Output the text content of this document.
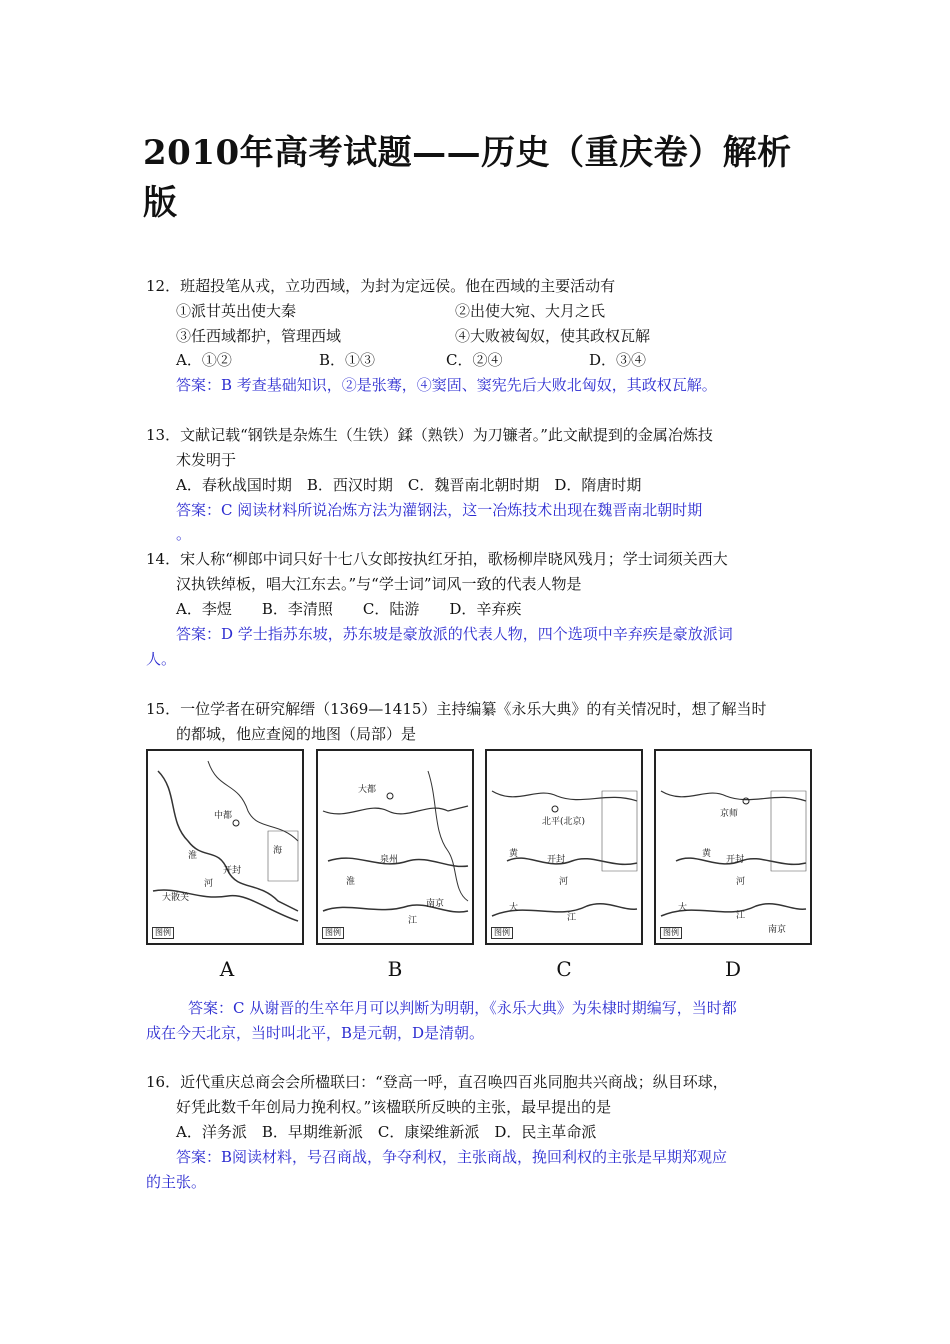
2010年高考试题——历史（重庆卷）解析
版
12．班超投笔从戎，立功西域，为封为定远侯。他在西域的主要活动有
①派甘英出使大秦	②出使大宛、大月之氏
③任西域都护，管理西域	④大败被匈奴，使其政权瓦解
A．①②	B．①③	C．②④	D．③④
答案：B 考查基础知识，②是张骞，④窦固、窦宪先后大败北匈奴，其政权瓦解。
13．文献记载“钢铁是杂炼生（生铁）鍒（熟铁）为刀镰者。”此文献提到的金属冶炼技
术发明于
A．春秋战国时期　B．西汉时期　C．魏晋南北朝时期　D．隋唐时期
答案：C 阅读材料所说冶炼方法为灌钢法，这一冶炼技术出现在魏晋南北朝时期
。
14．宋人称“柳郎中词只好十七八女郎按执红牙拍，歌杨柳岸晓风残月；学士词须关西大
汉执铁绰板，唱大江东去。”与“学士词”词风一致的代表人物是
A．李煜　　B．李清照　　C．陆游　　D．辛弃疾
答案：D 学士指苏东坡，苏东坡是豪放派的代表人物，四个选项中辛弃疾是豪放派词
人。
15．一位学者在研究解缙（1369—1415）主持编纂《永乐大典》的有关情况时，想了解当时
的都城，他应查阅的地图（局部）是
中都
开封
大散关
淮
河
海
图例
大都
泉州
南京
江
淮
图例
北平(北京)
黄
开封
河
大
江
图例
京师
黄
开封
河
大
江
南京
图例
A	B	C	D
答案：C 从谢晋的生卒年月可以判断为明朝，《永乐大典》为朱棣时期编写，当时都
成在今天北京，当时叫北平，B是元朝，D是清朝。
16．近代重庆总商会会所楹联曰：“登高一呼，直召唤四百兆同胞共兴商战；纵目环球，
好凭此数千年创局力挽利权。”该楹联所反映的主张，最早提出的是
A．洋务派　B．早期维新派　C．康梁维新派　D．民主革命派
答案：B阅读材料，号召商战，争夺利权，主张商战，挽回利权的主张是早期郑观应
的主张。
